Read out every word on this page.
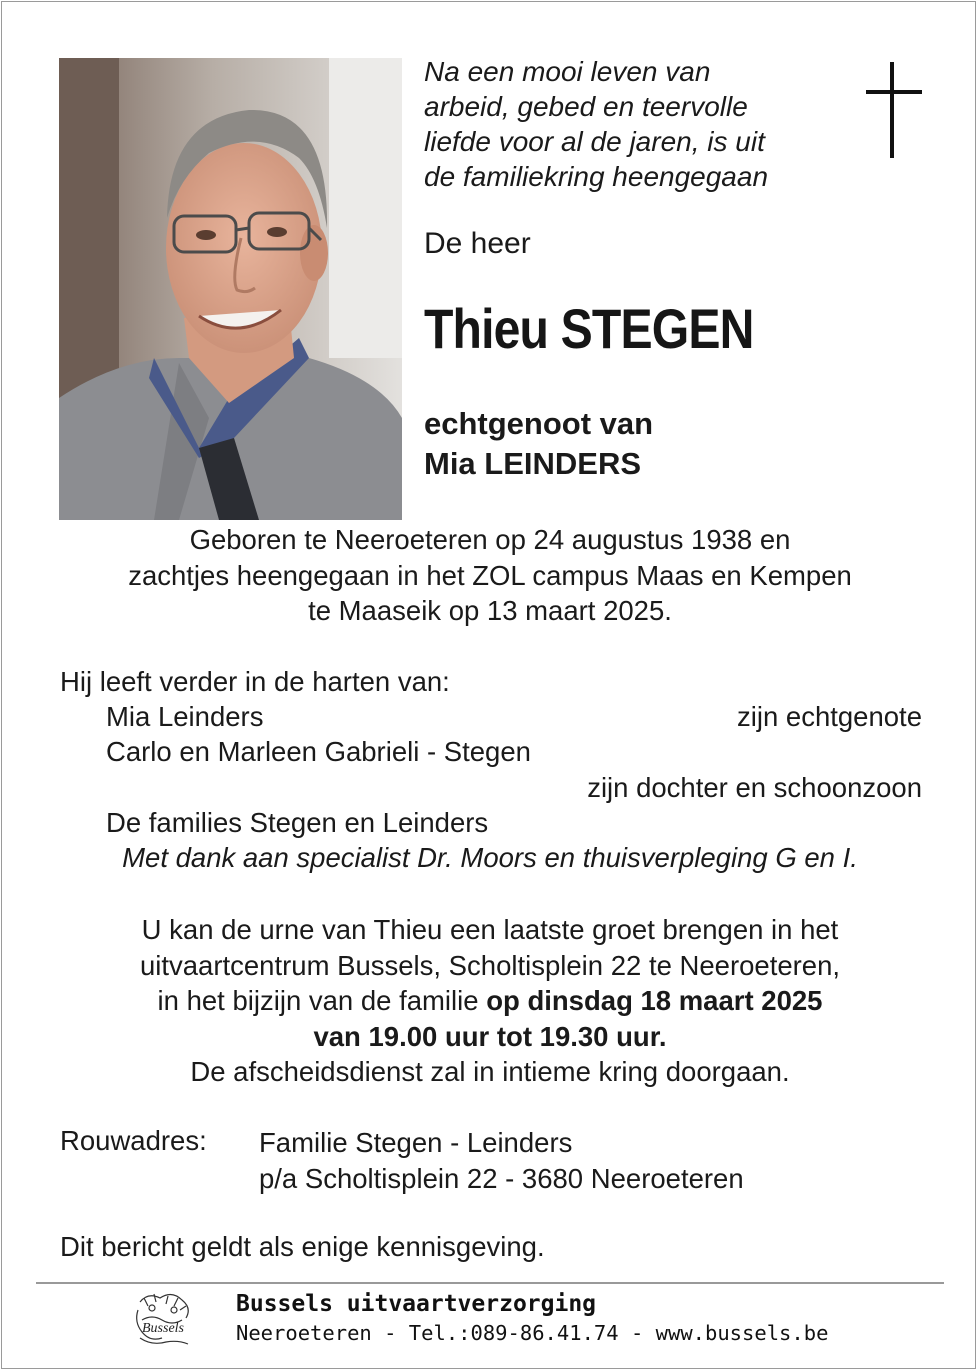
Na een mooi leven van
arbeid, gebed en teervolle
liefde voor al de jaren, is uit
de familiekring heengegaan

De heer

Thieu STEGEN

echtgenoot van
Mia LEINDERS

Geboren te Neeroeteren op 24 augustus 1938 en
zachtjes heengegaan in het ZOL campus Maas en Kempen
te Maaseik op 13 maart 2025.

Hij leeft verder in de harten van:

Mia Leinders	zijn echtgenote
Carlo en Marleen Gabrieli - Stegen
zijn dochter en schoonzoon
De families Stegen en Leinders

Met dank aan specialist Dr. Moors en thuisverpleging G en I.

U kan de urne van Thieu een laatste groet brengen in het
uitvaartcentrum Bussels, Scholtisplein 22 te Neeroeteren,
in het bijzijn van de familie op dinsdag 18 maart 2025
van 19.00 uur tot 19.30 uur.
De afscheidsdienst zal in intieme kring doorgaan.

Rouwadres: Familie Stegen - Leinders
p/a Scholtisplein 22 - 3680 Neeroeteren

Dit bericht geldt als enige kennisgeving.

Bussels

Bussels uitvaartverzorging

Neeroeteren - Tel.:089-86.41.74 - www.bussels.be
